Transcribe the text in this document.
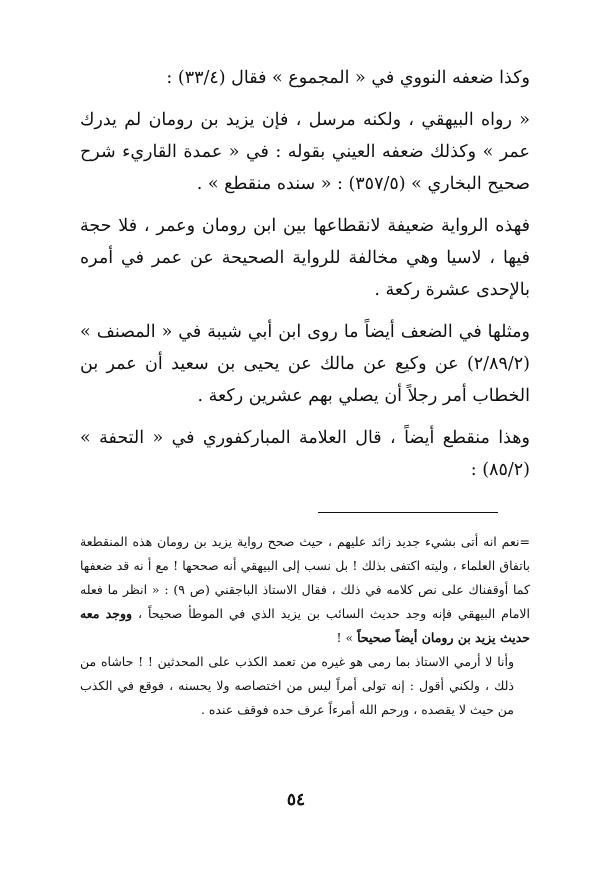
وكذا ضعفه النووي في « المجموع » فقال (٣٣/٤) :

« رواه البيهقي ، ولكنه مرسل ، فإن يزيد بن رومان لم يدرك عمر » وكذلك ضعفه العيني بقوله : في « عمدة القاريء شرح صحيح البخاري » (٣٥٧/٥) : « سنده منقطع » .

فهذه الرواية ضعيفة لانقطاعها بين ابن رومان وعمر ، فلا حجة فيها ، لاسيا وهي مخالفة للرواية الصحيحة عن عمر في أمره بالإحدى عشرة ركعة .

ومثلها في الضعف أيضاً ما روى ابن أبي شيبة في « المصنف » (٢/٨٩/٢) عن وكيع عن مالك عن يحيى بن سعيد أن عمر بن الخطاب أمر رجلاً أن يصلي بهم عشرين ركعة .

وهذا منقطع أيضاً ، قال العلامة المباركفوري في « التحفة » (٨٥/٢) :

=نعم انه أتى بشيء جديد زائد عليهم ، حيث صحح رواية يزيد بن رومان هذه المنقطعة باتفاق العلماء ، وليته اكتفى بذلك ! بل نسب إلى البيهقي أنه صححها ! مع أ نه قد ضعفها كما أوقفناك على نص كلامه في ذلك ، فقال الاستاذ الباجقني (ص ٩) : « انظر ما فعله الامام البيهقي فإنه وجد حديث السائب بن يزيد الذي في الموطأ صحيحاً ، ووجد معه حديث يزيد بن رومان أيضاً صحيحاً » !

وأنا لا أرمي الاستاذ بما رمى هو غيره من تعمد الكذب على المحدثين ! ! حاشاه من ذلك ، ولكني أقول : إنه تولى أمراً ليس من اختصاصه ولا يحسنه ، فوقع في الكذب من حيث لا يقصده ، ورحم الله أمرءاً عرف حده فوقف عنده .

٥٤
